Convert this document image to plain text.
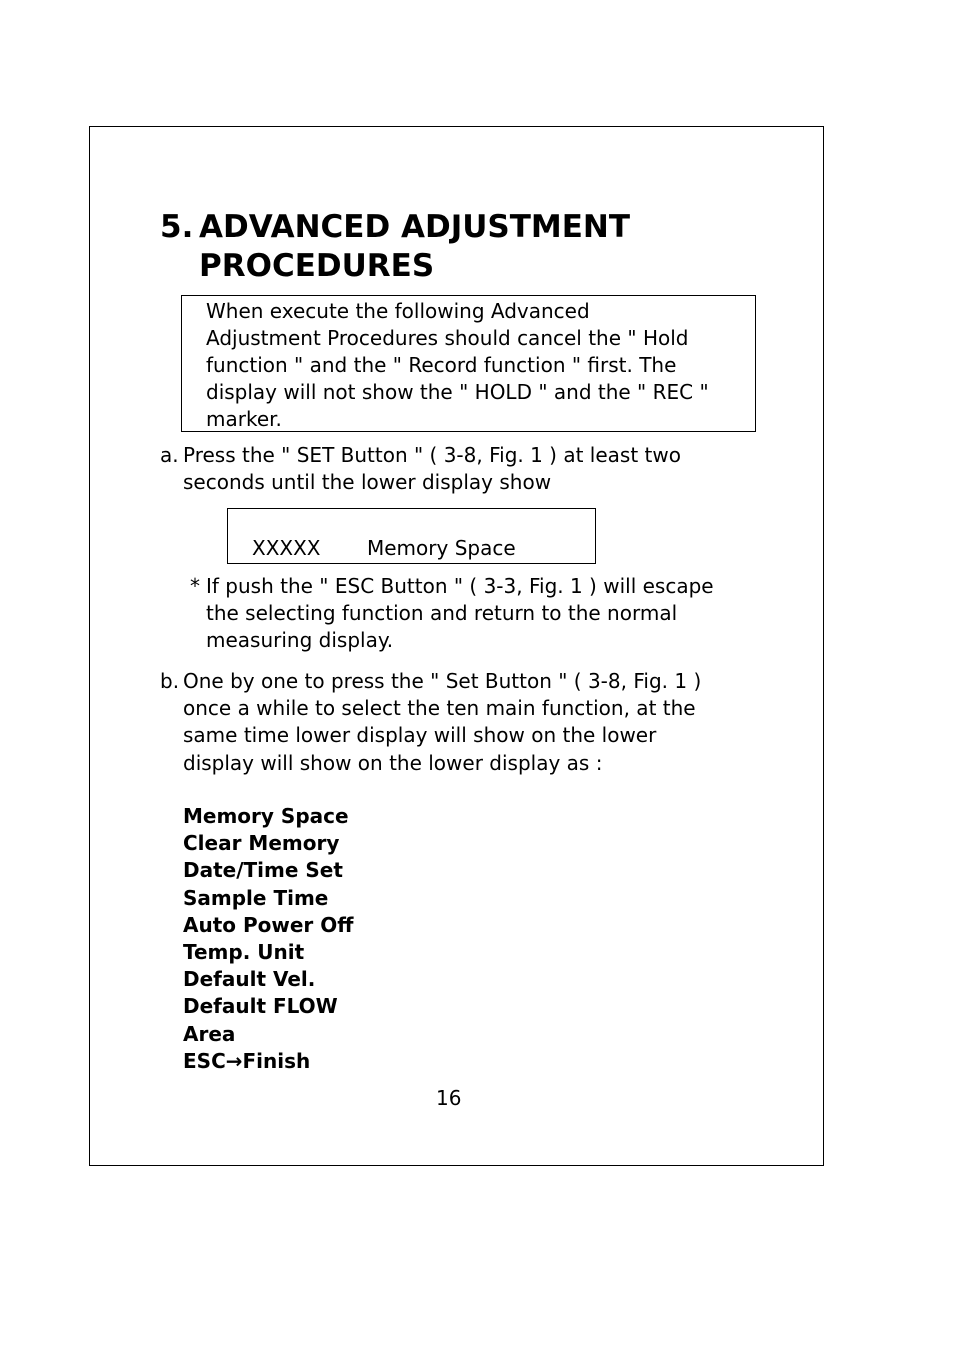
5. ADVANCED ADJUSTMENT
PROCEDURES
When execute the following Advanced
Adjustment Procedures should cancel the " Hold
function " and the " Record function " first. The
display will not show the " HOLD " and the " REC "
marker.
a. Press the " SET Button " ( 3-8, Fig. 1 ) at least two
seconds until the lower display show
XXXXX Memory Space
* If push the " ESC Button " ( 3-3, Fig. 1 ) will escape
the selecting function and return to the normal
measuring display.
b. One by one to press the " Set Button " ( 3-8, Fig. 1 )
once a while to select the ten main function, at the
same time lower display will show on the lower
display will show on the lower display as :
Memory Space
Clear Memory
Date/Time Set
Sample Time
Auto Power Off
Temp. Unit
Default Vel.
Default FLOW
Area
ESC→Finish
16
